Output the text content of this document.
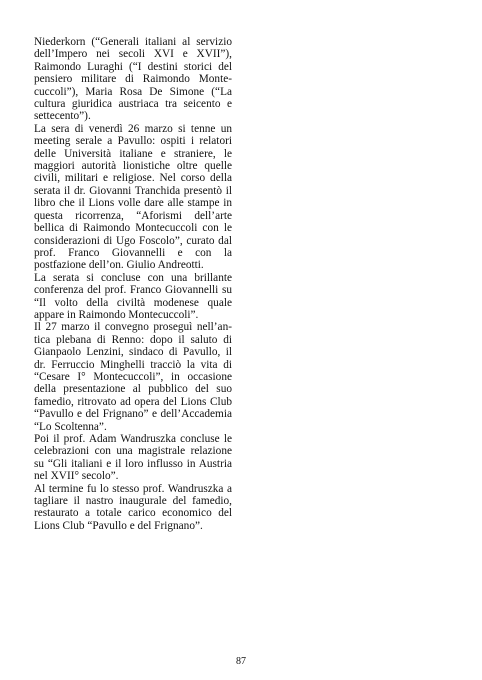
Niederkorn (“Generali italiani al servizio dell’Impero nei secoli XVI e XVII”), Raimondo Luraghi (“I destini storici del pensiero militare di Raimondo Montecuccoli”), Maria Rosa De Simone (“La cultura giuridica austriaca tra seicento e settecento”).

La sera di venerdì 26 marzo si tenne un meeting serale a Pavullo: ospiti i relatori delle Università italiane e straniere, le maggiori autorità lionistiche oltre quelle civili, militari e religiose. Nel corso della serata il dr. Giovanni Tranchida presentò il libro che il Lions volle dare alle stampe in questa ricorrenza, “Aforismi dell’arte bellica di Raimondo Montecuccoli con le considerazioni di Ugo Foscolo”, curato dal prof. Franco Giovannelli e con la postfazione dell’on. Giulio Andreotti.

La serata si concluse con una brillante conferenza del prof. Franco Giovannelli su “Il volto della civiltà modenese quale appare in Raimondo Montecuccoli”.

Il 27 marzo il convegno proseguì nell’antica plebana di Renno: dopo il saluto di Gianpaolo Lenzini, sindaco di Pavullo, il dr. Ferruccio Minghelli tracciò la vita di “Cesare I° Montecuccoli”, in occasione della presentazione al pubblico del suo famedio, ritrovato ad opera del Lions Club “Pavullo e del Frignano” e dell’Accademia “Lo Scoltenna”.

Poi il prof. Adam Wandruszka concluse le celebrazioni con una magistrale relazione su “Gli italiani e il loro influsso in Austria nel XVII° secolo”.

Al termine fu lo stesso prof. Wandruszka a tagliare il nastro inaugurale del famedio, restaurato a totale carico economico del Lions Club “Pavullo e del Frignano”.

87
